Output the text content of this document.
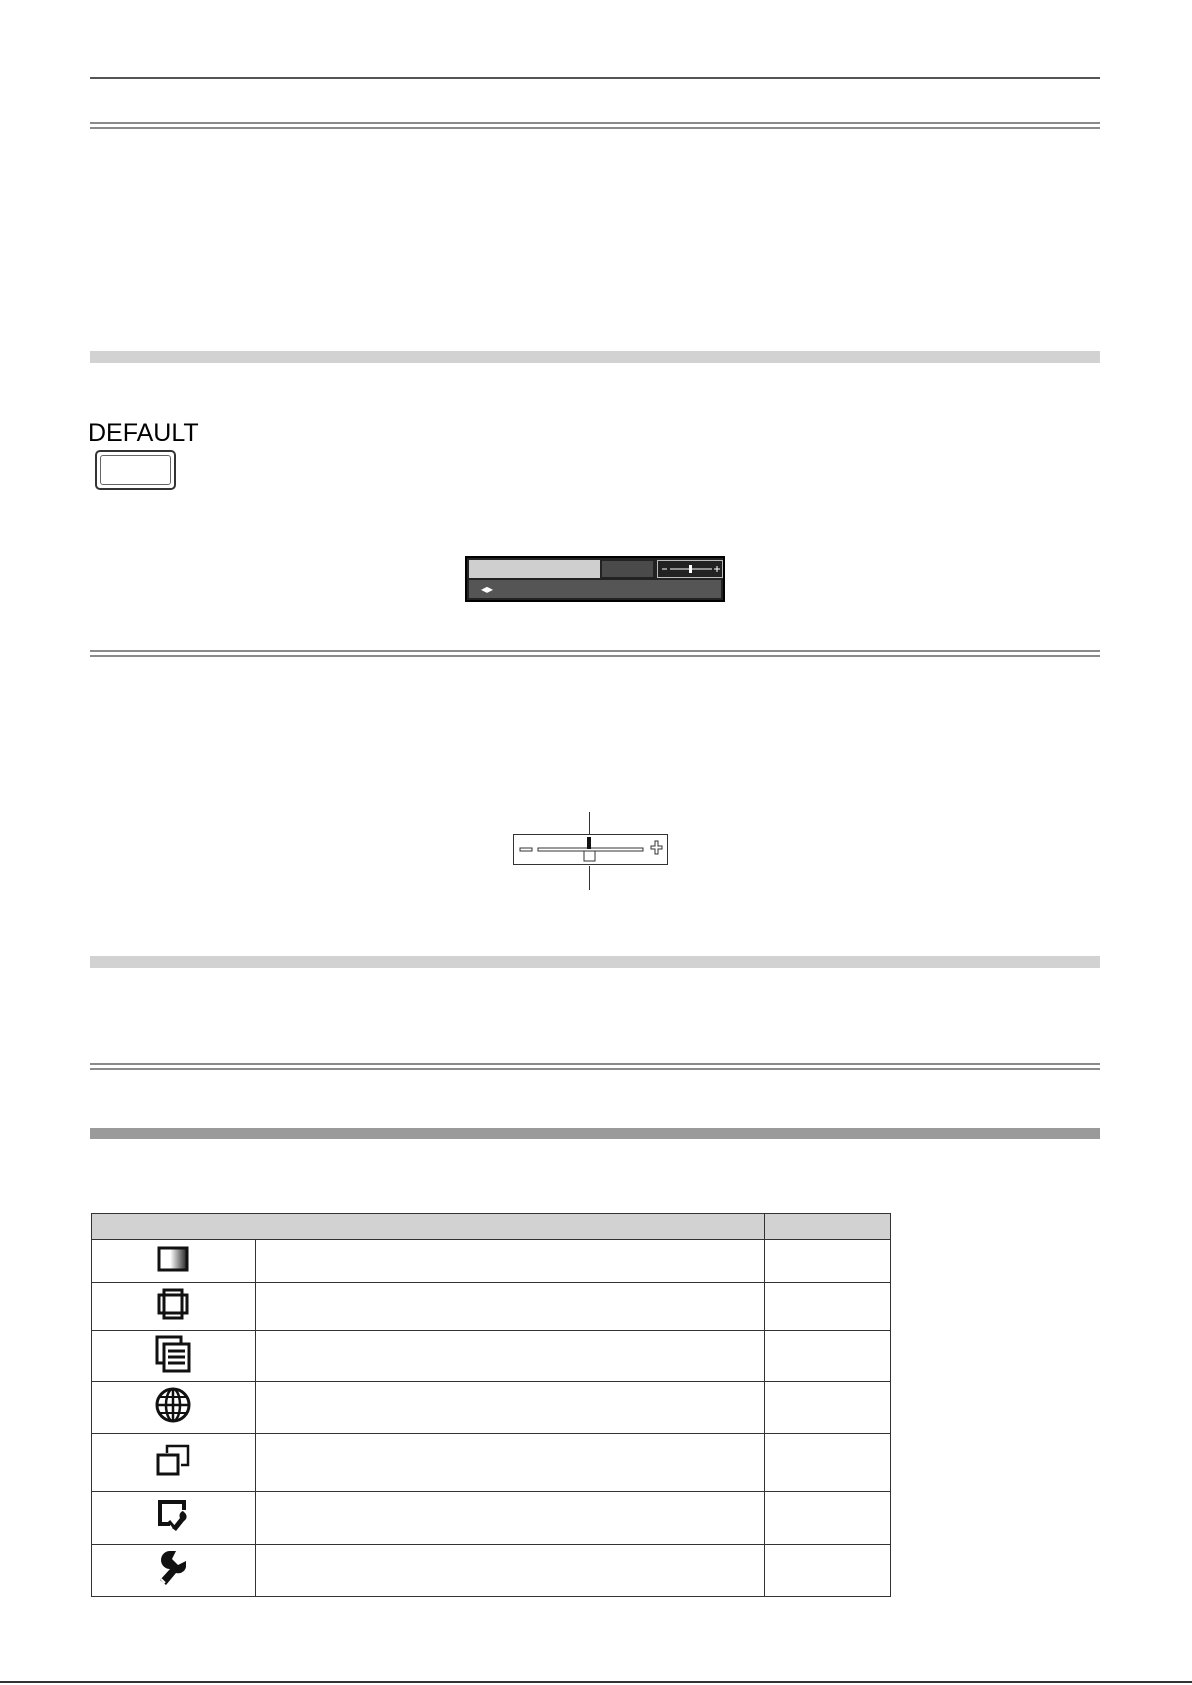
DEFAULT
◂▸
